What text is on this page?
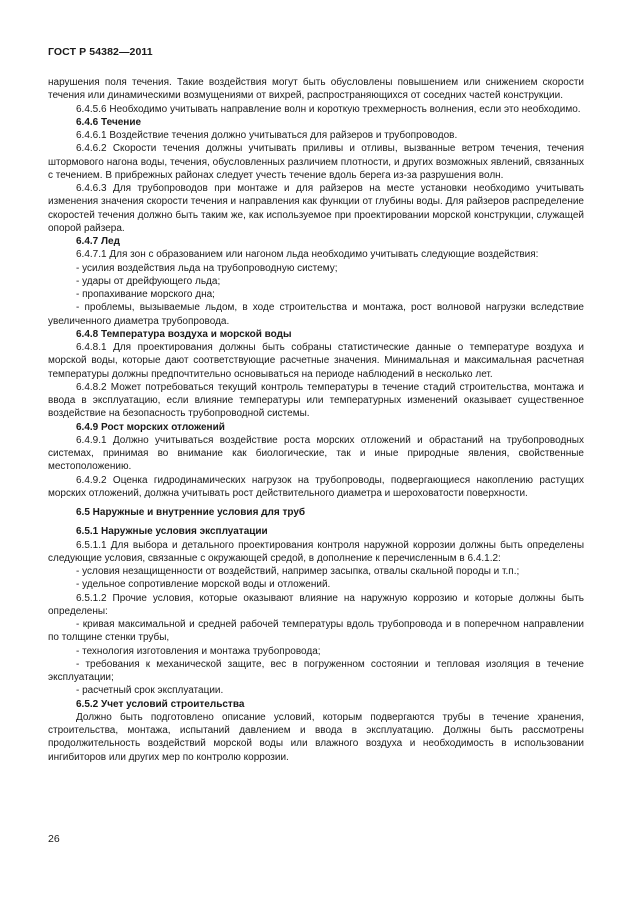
ГОСТ Р 54382—2011

нарушения поля течения. Такие воздействия могут быть обусловлены повышением или снижением скорости течения или динамическими возмущениями от вихрей, распространяющихся от соседних частей конструкции.

6.4.5.6 Необходимо учитывать направление волн и короткую трехмерность волнения, если это необходимо.

6.4.6 Течение

6.4.6.1 Воздействие течения должно учитываться для райзеров и трубопроводов.

6.4.6.2 Скорости течения должны учитывать приливы и отливы, вызванные ветром течения, течения штормового нагона воды, течения, обусловленных различием плотности, и других возможных явлений, связанных с течением. В прибрежных районах следует учесть течение вдоль берега из-за разрушения волн.

6.4.6.3 Для трубопроводов при монтаже и для райзеров на месте установки необходимо учитывать изменения значения скорости течения и направления как функции от глубины воды. Для райзеров распределение скоростей течения должно быть таким же, как используемое при проектировании морской конструкции, служащей опорой райзера.

6.4.7 Лед

6.4.7.1 Для зон с образованием или нагоном льда необходимо учитывать следующие воздействия:

- усилия воздействия льда на трубопроводную систему;

- удары от дрейфующего льда;

- пропахивание морского дна;

- проблемы, вызываемые льдом, в ходе строительства и монтажа, рост волновой нагрузки вследствие увеличенного диаметра трубопровода.

6.4.8 Температура воздуха и морской воды

6.4.8.1 Для проектирования должны быть собраны статистические данные о температуре воздуха и морской воды, которые дают соответствующие расчетные значения. Минимальная и максимальная расчетная температуры должны предпочтительно основываться на периоде наблюдений в несколько лет.

6.4.8.2 Может потребоваться текущий контроль температуры в течение стадий строительства, монтажа и ввода в эксплуатацию, если влияние температуры или температурных изменений оказывает существенное воздействие на безопасность трубопроводной системы.

6.4.9 Рост морских отложений

6.4.9.1 Должно учитываться воздействие роста морских отложений и обрастаний на трубопроводных системах, принимая во внимание как биологические, так и иные природные явления, свойственные местоположению.

6.4.9.2 Оценка гидродинамических нагрузок на трубопроводы, подвергающиеся накоплению растущих морских отложений, должна учитывать рост действительного диаметра и шероховатости поверхности.

6.5 Наружные и внутренние условия для труб

6.5.1 Наружные условия эксплуатации

6.5.1.1 Для выбора и детального проектирования контроля наружной коррозии должны быть определены следующие условия, связанные с окружающей средой, в дополнение к перечисленным в 6.4.1.2:

- условия незащищенности от воздействий, например засыпка, отвалы скальной породы и т.п.;

- удельное сопротивление морской воды и отложений.

6.5.1.2 Прочие условия, которые оказывают влияние на наружную коррозию и которые должны быть определены:

- кривая максимальной и средней рабочей температуры вдоль трубопровода и в поперечном направлении по толщине стенки трубы,

- технология изготовления и монтажа трубопровода;

- требования к механической защите, вес в погруженном состоянии и тепловая изоляция в течение эксплуатации;

- расчетный срок эксплуатации.

6.5.2 Учет условий строительства

Должно быть подготовлено описание условий, которым подвергаются трубы в течение хранения, строительства, монтажа, испытаний давлением и ввода в эксплуатацию. Должны быть рассмотрены продолжительность воздействий морской воды или влажного воздуха и необходимость в использовании ингибиторов или других мер по контролю коррозии.

26
